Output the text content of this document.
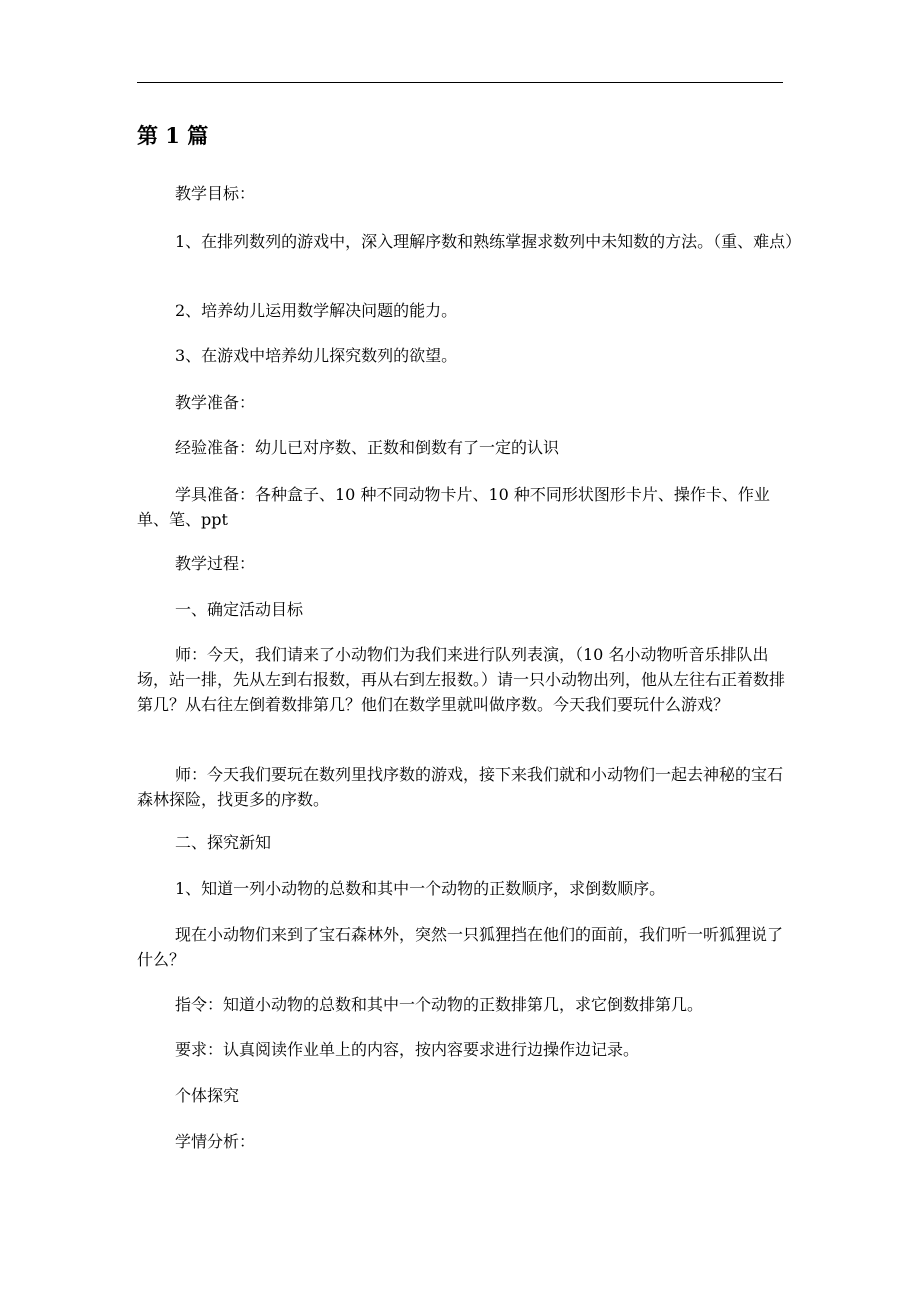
第 1 篇

教学目标：

1、在排列数列的游戏中，深入理解序数和熟练掌握求数列中未知数的方法。（重、难点）

2、培养幼儿运用数学解决问题的能力。

3、在游戏中培养幼儿探究数列的欲望。

教学准备：

经验准备：幼儿已对序数、正数和倒数有了一定的认识

学具准备：各种盒子、10 种不同动物卡片、10 种不同形状图形卡片、操作卡、作业单、笔、ppt

教学过程：

一、确定活动目标

师：今天，我们请来了小动物们为我们来进行队列表演，（10 名小动物听音乐排队出场，站一排，先从左到右报数，再从右到左报数。）请一只小动物出列，他从左往右正着数排第几？从右往左倒着数排第几？他们在数学里就叫做序数。今天我们要玩什么游戏？

师：今天我们要玩在数列里找序数的游戏，接下来我们就和小动物们一起去神秘的宝石森林探险，找更多的序数。

二、探究新知

1、知道一列小动物的总数和其中一个动物的正数顺序，求倒数顺序。

现在小动物们来到了宝石森林外，突然一只狐狸挡在他们的面前，我们听一听狐狸说了什么？

指令：知道小动物的总数和其中一个动物的正数排第几，求它倒数排第几。

要求：认真阅读作业单上的内容，按内容要求进行边操作边记录。

个体探究

学情分析：
